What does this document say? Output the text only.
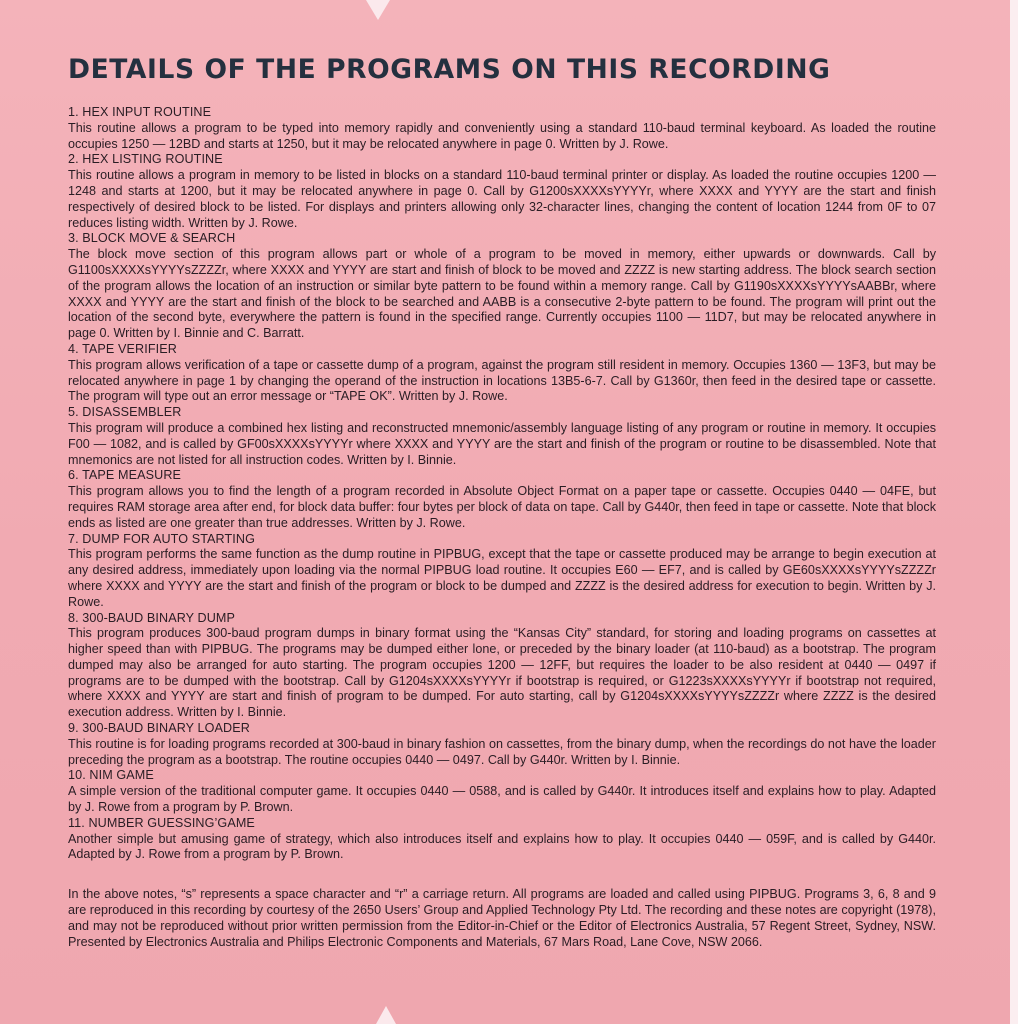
DETAILS OF THE PROGRAMS ON THIS RECORDING

1. HEX INPUT ROUTINE

This routine allows a program to be typed into memory rapidly and conveniently using a standard 110-baud terminal keyboard. As loaded the routine occupies 1250 — 12BD and starts at 1250, but it may be relocated anywhere in page 0. Written by J. Rowe.

2. HEX LISTING ROUTINE

This routine allows a program in memory to be listed in blocks on a standard 110-baud terminal printer or display. As loaded the routine occupies 1200 — 1248 and starts at 1200, but it may be relocated anywhere in page 0. Call by G1200sXXXXsYYYYr, where XXXX and YYYY are the start and finish respectively of desired block to be listed. For displays and printers allowing only 32-character lines, changing the content of location 1244 from 0F to 07 reduces listing width. Written by J. Rowe.

3. BLOCK MOVE & SEARCH

The block move section of this program allows part or whole of a program to be moved in memory, either upwards or downwards. Call by G1100sXXXXsYYYYsZZZZr, where XXXX and YYYY are start and finish of block to be moved and ZZZZ is new starting address. The block search section of the program allows the location of an instruction or similar byte pattern to be found within a memory range. Call by G1190sXXXXsYYYYsAABBr, where XXXX and YYYY are the start and finish of the block to be searched and AABB is a consecutive 2-byte pattern to be found. The program will print out the location of the second byte, everywhere the pattern is found in the specified range. Currently occupies 1100 — 11D7, but may be relocated anywhere in page 0. Written by I. Binnie and C. Barratt.

4. TAPE VERIFIER

This program allows verification of a tape or cassette dump of a program, against the program still resident in memory. Occupies 1360 — 13F3, but may be relocated anywhere in page 1 by changing the operand of the instruction in locations 13B5-6-7. Call by G1360r, then feed in the desired tape or cassette. The program will type out an error message or “TAPE OK”. Written by J. Rowe.

5. DISASSEMBLER

This program will produce a combined hex listing and reconstructed mnemonic/assembly language listing of any program or routine in memory. It occupies F00 — 1082, and is called by GF00sXXXXsYYYYr where XXXX and YYYY are the start and finish of the program or routine to be disassembled. Note that mnemonics are not listed for all instruction codes. Written by I. Binnie.

6. TAPE MEASURE

This program allows you to find the length of a program recorded in Absolute Object Format on a paper tape or cassette. Occupies 0440 — 04FE, but requires RAM storage area after end, for block data buffer: four bytes per block of data on tape. Call by G440r, then feed in tape or cassette. Note that block ends as listed are one greater than true addresses. Written by J. Rowe.

7. DUMP FOR AUTO STARTING

This program performs the same function as the dump routine in PIPBUG, except that the tape or cassette produced may be arrange to begin execution at any desired address, immediately upon loading via the normal PIPBUG load routine. It occupies E60 — EF7, and is called by GE60sXXXXsYYYYsZZZZr where XXXX and YYYY are the start and finish of the program or block to be dumped and ZZZZ is the desired address for execution to begin. Written by J. Rowe.

8. 300-BAUD BINARY DUMP

This program produces 300-baud program dumps in binary format using the “Kansas City” standard, for storing and loading programs on cassettes at higher speed than with PIPBUG. The programs may be dumped either lone, or preceded by the binary loader (at 110-baud) as a bootstrap. The program dumped may also be arranged for auto starting. The program occupies 1200 — 12FF, but requires the loader to be also resident at 0440 — 0497 if programs are to be dumped with the bootstrap. Call by G1204sXXXXsYYYYr if bootstrap is required, or G1223sXXXXsYYYYr if bootstrap not required, where XXXX and YYYY are start and finish of program to be dumped. For auto starting, call by G1204sXXXXsYYYYsZZZZr where ZZZZ is the desired execution address. Written by I. Binnie.

9. 300-BAUD BINARY LOADER

This routine is for loading programs recorded at 300-baud in binary fashion on cassettes, from the binary dump, when the recordings do not have the loader preceding the program as a bootstrap. The routine occupies 0440 — 0497. Call by G440r. Written by I. Binnie.

10. NIM GAME

A simple version of the traditional computer game. It occupies 0440 — 0588, and is called by G440r. It introduces itself and explains how to play. Adapted by J. Rowe from a program by P. Brown.

11. NUMBER GUESSING’GAME

Another simple but amusing game of strategy, which also introduces itself and explains how to play. It occupies 0440 — 059F, and is called by G440r. Adapted by J. Rowe from a program by P. Brown.

In the above notes, “s” represents a space character and “r” a carriage return. All programs are loaded and called using PIPBUG. Programs 3, 6, 8 and 9 are reproduced in this recording by courtesy of the 2650 Users’ Group and Applied Technology Pty Ltd. The recording and these notes are copyright (1978), and may not be reproduced without prior written permission from the Editor-in-Chief or the Editor of Electronics Australia, 57 Regent Street, Sydney, NSW. Presented by Electronics Australia and Philips Electronic Components and Materials, 67 Mars Road, Lane Cove, NSW 2066.
